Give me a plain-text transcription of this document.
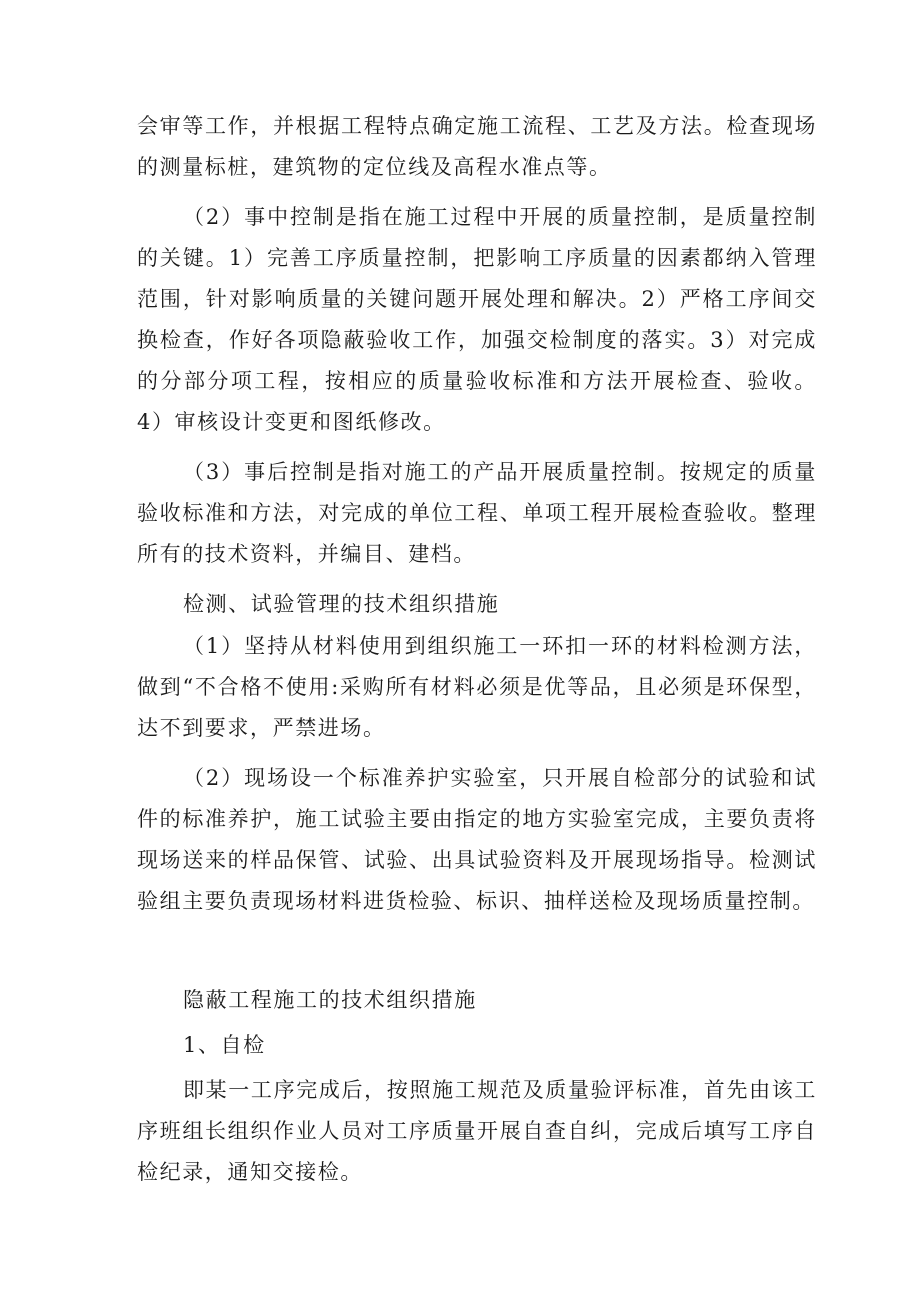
会审等工作，并根据工程特点确定施工流程、工艺及方法。检查现场的测量标桩，建筑物的定位线及高程水准点等。

（2）事中控制是指在施工过程中开展的质量控制，是质量控制的关键。1）完善工序质量控制，把影响工序质量的因素都纳入管理范围，针对影响质量的关键问题开展处理和解决。2）严格工序间交换检查，作好各项隐蔽验收工作，加强交检制度的落实。3）对完成的分部分项工程，按相应的质量验收标准和方法开展检查、验收。4）审核设计变更和图纸修改。

（3）事后控制是指对施工的产品开展质量控制。按规定的质量验收标准和方法，对完成的单位工程、单项工程开展检查验收。整理所有的技术资料，并编目、建档。

检测、试验管理的技术组织措施

（1）坚持从材料使用到组织施工一环扣一环的材料检测方法，做到“不合格不使用:采购所有材料必须是优等品，且必须是环保型，达不到要求，严禁进场。

（2）现场设一个标准养护实验室，只开展自检部分的试验和试件的标准养护，施工试验主要由指定的地方实验室完成，主要负责将现场送来的样品保管、试验、出具试验资料及开展现场指导。检测试验组主要负责现场材料进货检验、标识、抽样送检及现场质量控制。

隐蔽工程施工的技术组织措施

1、自检

即某一工序完成后，按照施工规范及质量验评标准，首先由该工序班组长组织作业人员对工序质量开展自查自纠，完成后填写工序自检纪录，通知交接检。
